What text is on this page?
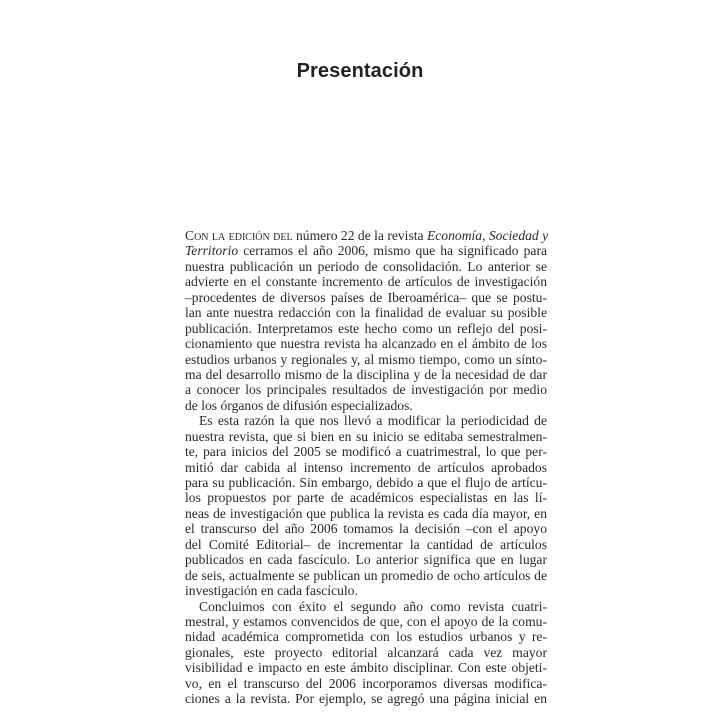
Presentación
Con la edición del número 22 de la revista Economía, Sociedad y
Territorio cerramos el año 2006, mismo que ha significado para
nuestra publicación un periodo de consolidación. Lo anterior se
advierte en el constante incremento de artículos de investigación
–procedentes de diversos países de Iberoamérica– que se postu-
lan ante nuestra redacción con la finalidad de evaluar su posible
publicación. Interpretamos este hecho como un reflejo del posi-
cionamiento que nuestra revista ha alcanzado en el ámbito de los
estudios urbanos y regionales y, al mismo tiempo, como un sínto-
ma del desarrollo mismo de la disciplina y de la necesidad de dar
a conocer los principales resultados de investigación por medio
de los órganos de difusión especializados.
Es esta razón la que nos llevó a modificar la periodicidad de
nuestra revista, que si bien en su inicio se editaba semestralmen-
te, para inicios del 2005 se modificó a cuatrimestral, lo que per-
mitió dar cabida al intenso incremento de artículos aprobados
para su publicación. Sin embargo, debido a que el flujo de artícu-
los propuestos por parte de académicos especialistas en las lí-
neas de investigación que publica la revista es cada día mayor, en
el transcurso del año 2006 tomamos la decisión –con el apoyo
del Comité Editorial– de incrementar la cantidad de artículos
publicados en cada fascículo. Lo anterior significa que en lugar
de seis, actualmente se publican un promedio de ocho artículos de
investigación en cada fascículo.
Concluimos con éxito el segundo año como revista cuatri-
mestral, y estamos convencidos de que, con el apoyo de la comu-
nidad académica comprometida con los estudios urbanos y re-
gionales, este proyecto editorial alcanzará cada vez mayor
visibilidad e impacto en este ámbito disciplinar. Con este objeti-
vo, en el transcurso del 2006 incorporamos diversas modifica-
ciones a la revista. Por ejemplo, se agregó una página inicial en
